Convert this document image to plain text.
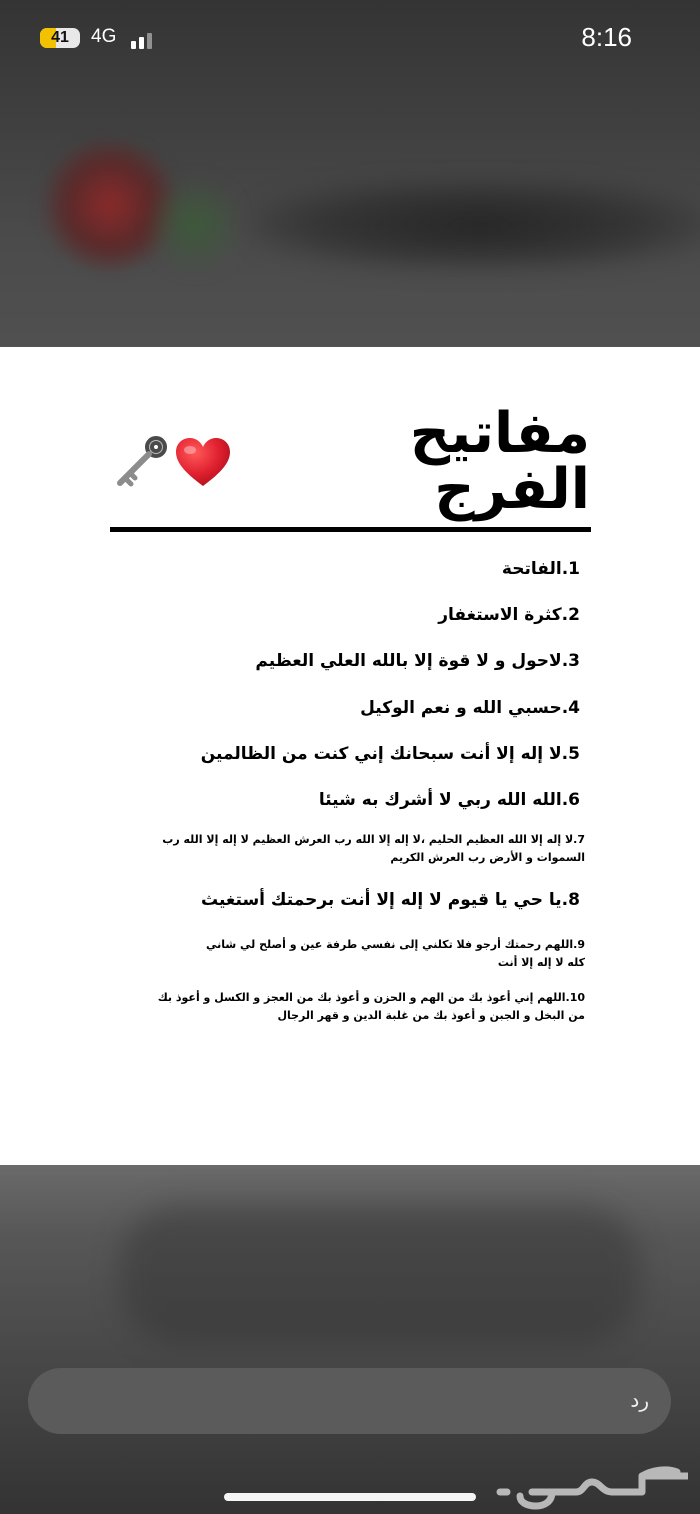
41 4G	8:16
مفاتيح الفرج
1.الفاتحة
2.كثرة الاستغفار
3.لاحول و لا قوة إلا بالله العلي العظيم
4.حسبي الله و نعم الوكيل
5.لا إله إلا أنت سبحانك إني كنت من الظالمين
6.الله الله ربي لا أشرك به شيئا
7.لا إله إلا الله العظيم الحليم ،لا إله إلا الله رب العرش العظيم لا إله إلا الله رب السموات و الأرض رب العرش الكريم
8.يا حي يا قيوم لا إله إلا أنت برحمتك أستغيث
9.اللهم رحمتك أرجو فلا تكلني إلى نفسي طرفة عين و أصلح لي شاني كله لا إله إلا أنت
10.اللهم إني أعوذ بك من الهم و الحزن و أعوذ بك من العجز و الكسل و أعوذ بك من البخل و الجبن و أعوذ بك من غلبة الدين و قهر الرجال
رد
